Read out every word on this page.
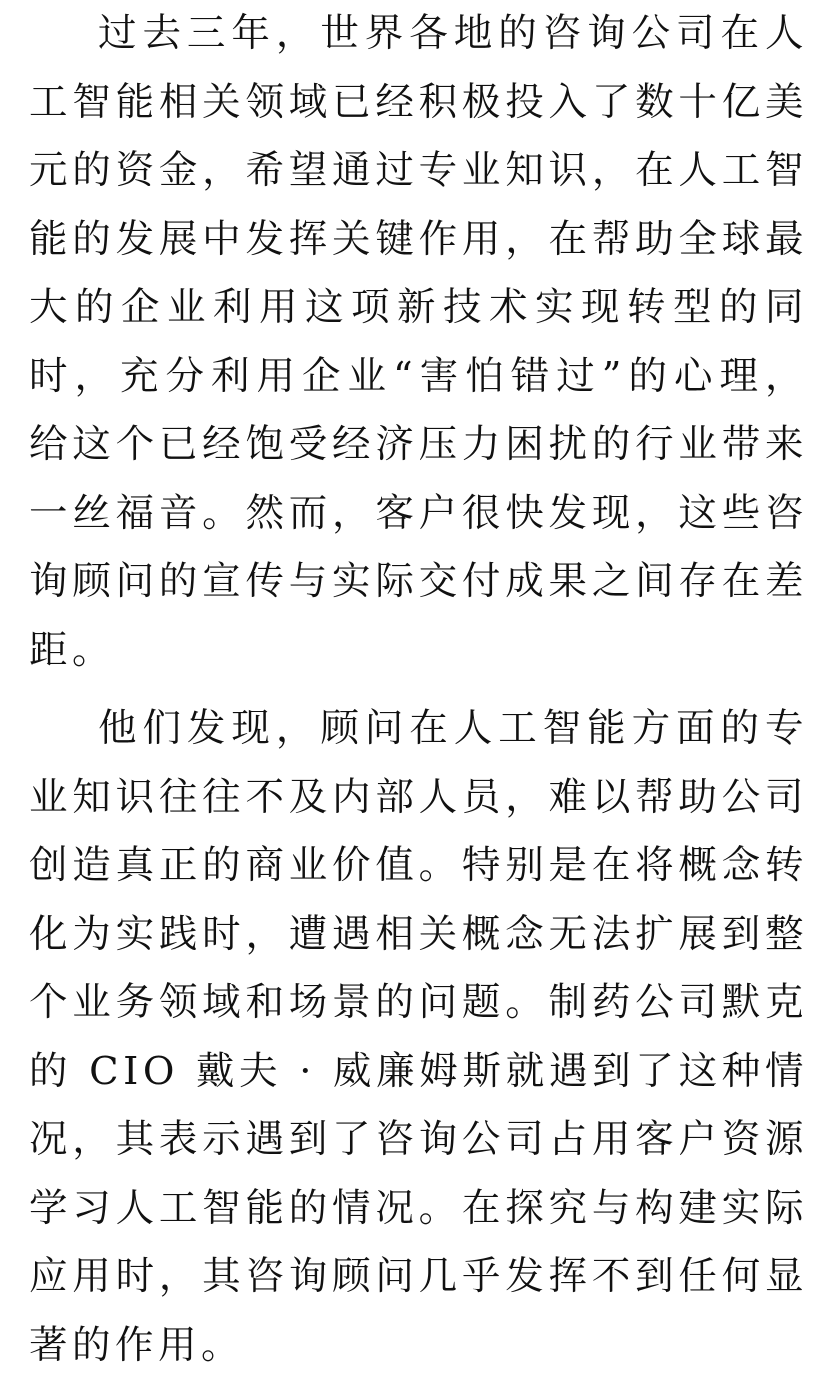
过去三年，世界各地的咨询公司在人工智能相关领域已经积极投入了数十亿美元的资金，希望通过专业知识，在人工智能的发展中发挥关键作用，在帮助全球最大的企业利用这项新技术实现转型的同时，充分利用企业“害怕错过”的心理，给这个已经饱受经济压力困扰的行业带来一丝福音。然而，客户很快发现，这些咨询顾问的宣传与实际交付成果之间存在差距。

他们发现，顾问在人工智能方面的专业知识往往不及内部人员，难以帮助公司创造真正的商业价值。特别是在将概念转化为实践时，遭遇相关概念无法扩展到整个业务领域和场景的问题。制药公司默克的 CIO 戴夫 · 威廉姆斯就遇到了这种情况，其表示遇到了咨询公司占用客户资源学习人工智能的情况。在探究与构建实际应用时，其咨询顾问几乎发挥不到任何显著的作用。
